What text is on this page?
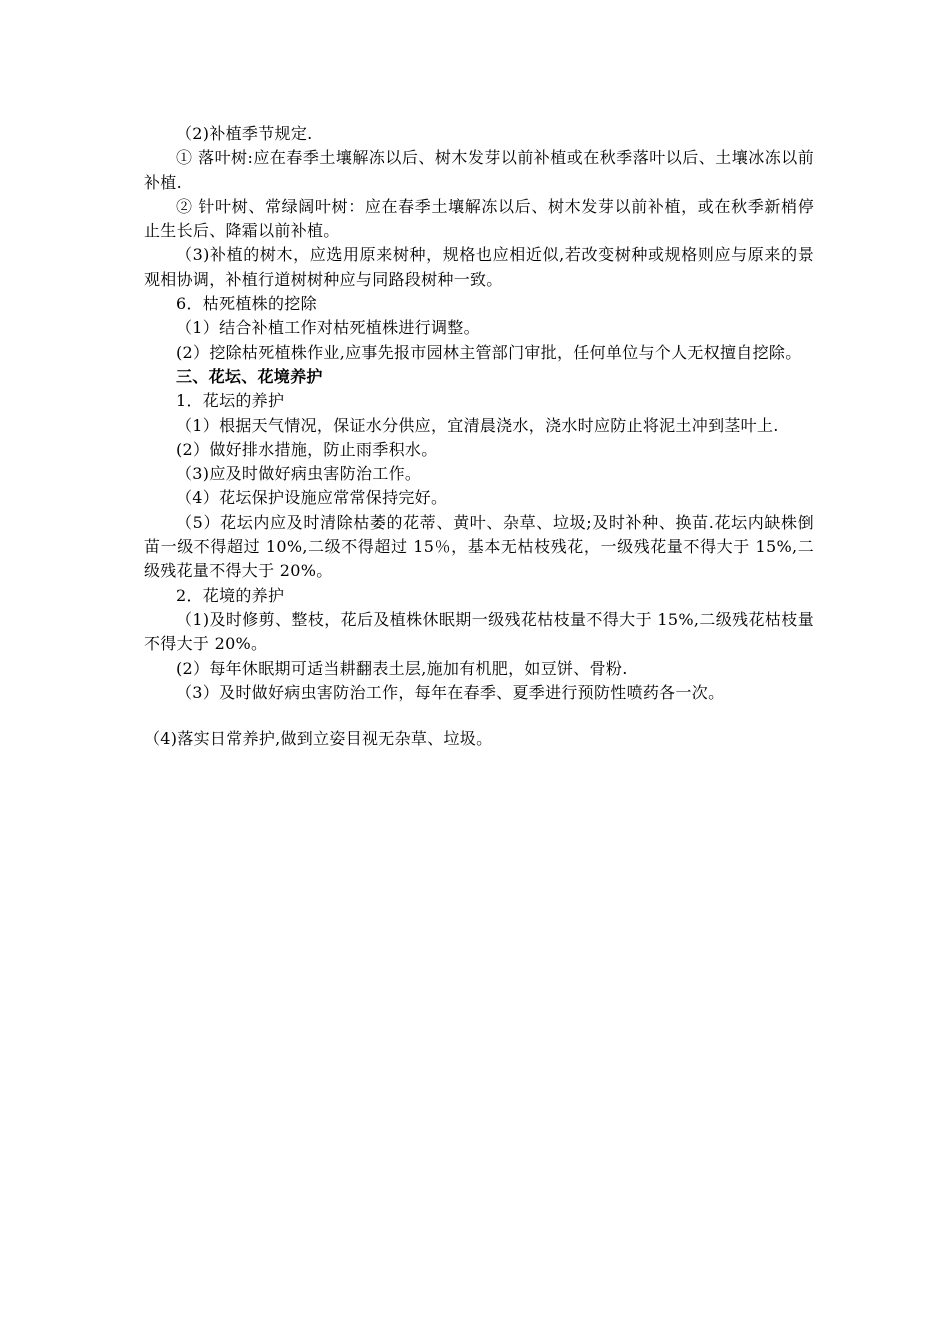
（2)补植季节规定.

① 落叶树:应在春季土壤解冻以后、树木发芽以前补植或在秋季落叶以后、土壤冰冻以前补植.

② 针叶树、常绿阔叶树：应在春季土壤解冻以后、树木发芽以前补植，或在秋季新梢停止生长后、降霜以前补植。

（3)补植的树木，应选用原来树种，规格也应相近似,若改变树种或规格则应与原来的景观相协调，补植行道树树种应与同路段树种一致。

6．枯死植株的挖除

（1）结合补植工作对枯死植株进行调整。

(2）挖除枯死植株作业,应事先报市园林主管部门审批，任何单位与个人无权擅自挖除。

三、花坛、花境养护

1．花坛的养护

（1）根据天气情况，保证水分供应，宜清晨浇水，浇水时应防止将泥土冲到茎叶上.

(2）做好排水措施，防止雨季积水。

（3)应及时做好病虫害防治工作。

（4）花坛保护设施应常常保持完好。

（5）花坛内应及时清除枯萎的花蒂、黄叶、杂草、垃圾;及时补种、换苗.花坛内缺株倒苗一级不得超过 10%,二级不得超过 15％，基本无枯枝残花，一级残花量不得大于 15%,二级残花量不得大于 20%。

2．花境的养护

（1)及时修剪、整枝，花后及植株休眠期一级残花枯枝量不得大于 15%,二级残花枯枝量不得大于 20%。

(2）每年休眠期可适当耕翻表土层,施加有机肥，如豆饼、骨粉.

（3）及时做好病虫害防治工作，每年在春季、夏季进行预防性喷药各一次。

（4)落实日常养护,做到立姿目视无杂草、垃圾。
